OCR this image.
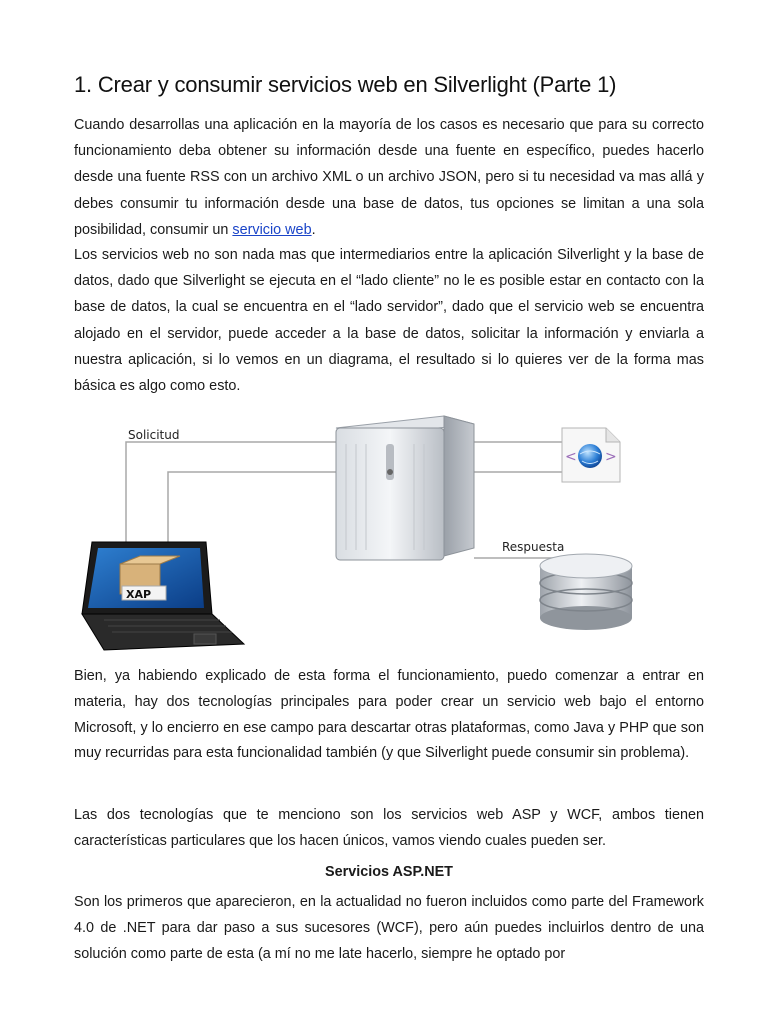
1. Crear y consumir servicios web en Silverlight (Parte 1)

Cuando desarrollas una aplicación en la mayoría de los casos es necesario que para su correcto funcionamiento deba obtener su información desde una fuente en específico, puedes hacerlo desde una fuente RSS con un archivo XML o un archivo JSON, pero si tu necesidad va mas allá y debes consumir tu información desde una base de datos, tus opciones se limitan a una sola posibilidad, consumir un servicio web.

Los servicios web no son nada mas que intermediarios entre la aplicación Silverlight y la base de datos, dado que Silverlight se ejecuta en el “lado cliente” no le es posible estar en contacto con la base de datos, la cual se encuentra en el “lado servidor”, dado que el servicio web se encuentra alojado en el servidor, puede acceder a la base de datos, solicitar la información y enviarla a nuestra aplicación, si lo vemos en un diagrama, el resultado si lo quieres ver de la forma mas básica es algo como esto.

Solicitud
Respuesta
< >
XAP

Bien, ya habiendo explicado de esta forma el funcionamiento, puedo comenzar a entrar en materia, hay dos tecnologías principales para poder crear un servicio web bajo el entorno Microsoft, y lo encierro en ese campo para descartar otras plataformas, como Java y PHP que son muy recurridas para esta funcionalidad también (y que Silverlight puede consumir sin problema).

Las dos tecnologías que te menciono son los servicios web ASP y WCF, ambos tienen características particulares que los hacen únicos, vamos viendo cuales pueden ser.

Servicios ASP.NET

Son los primeros que aparecieron, en la actualidad no fueron incluidos como parte del Framework 4.0 de .NET para dar paso a sus sucesores (WCF), pero aún puedes incluirlos dentro de una solución como parte de esta (a mí no me late hacerlo, siempre he optado por
